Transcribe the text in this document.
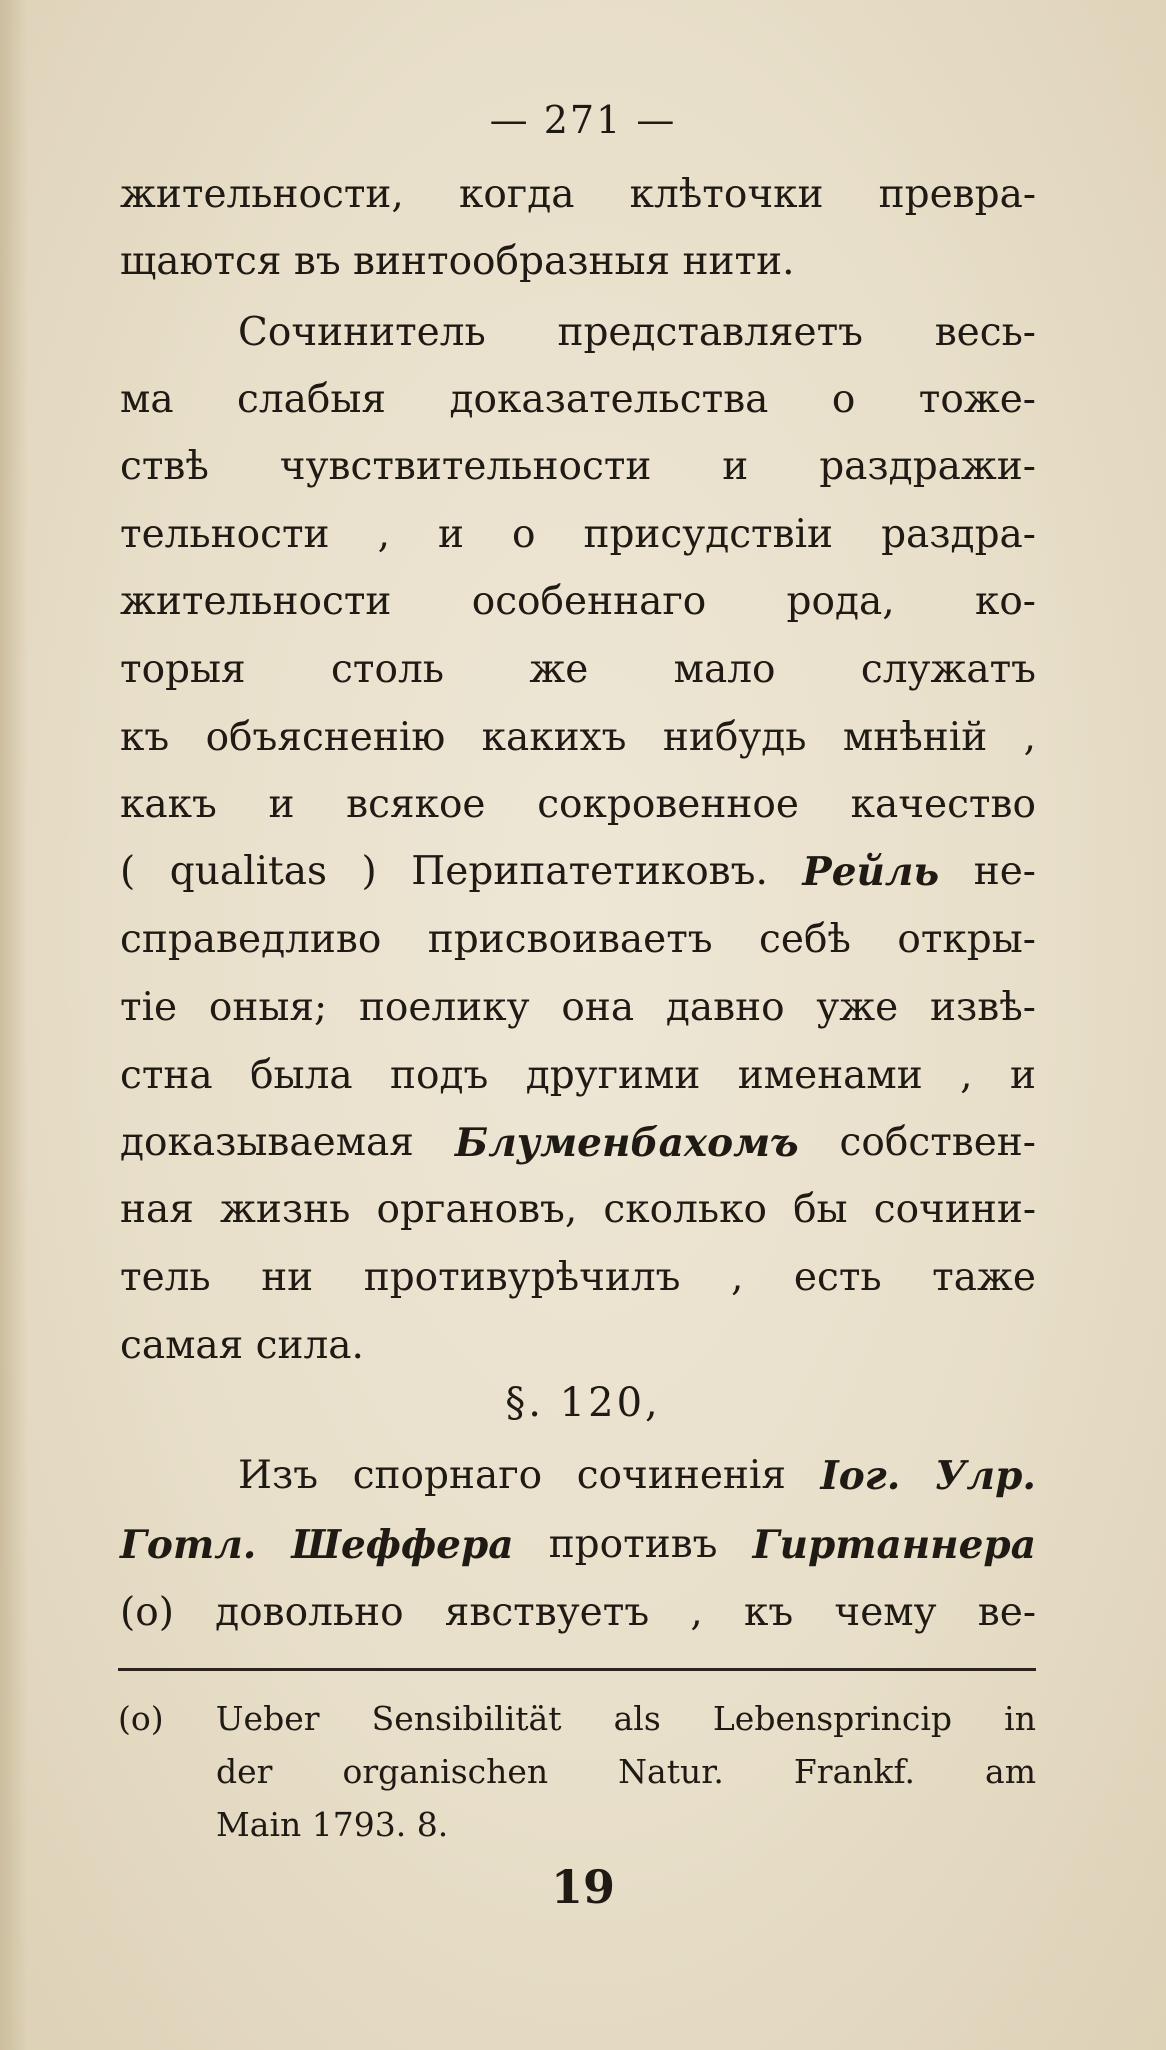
— 271 —
жительности, когда клѣточки превра-
щаются въ винтообразныя нити.
Сочинитель представляетъ весь-
ма слабыя доказательства о тоже-
ствѣ чувствительности и раздражи-
тельности , и о присудствіи раздра-
жительности особеннаго рода, ко-
торыя столь же мало служатъ
къ объясненію какихъ нибудь мнѣній ,
какъ и всякое сокровенное качество
( qualitas ) Перипатетиковъ. Рейль не-
справедливо присвоиваетъ себѣ откры-
тіе оныя; поелику она давно уже извѣ-
стна была подъ другими именами , и
доказываемая Блуменбахомъ собствен-
ная жизнь органовъ, сколько бы сочини-
тель ни противурѣчилъ , есть таже
самая сила.
Изъ спорнаго сочиненія Іог. Улр.
Готл. Шеффера противъ Гиртаннера
(о) довольно явствуетъ , къ чему ве-
§. 120,
(o) Ueber Sensibilität als Lebensprincip in
der organischen Natur. Frankf. am
Main 1793. 8.
19
